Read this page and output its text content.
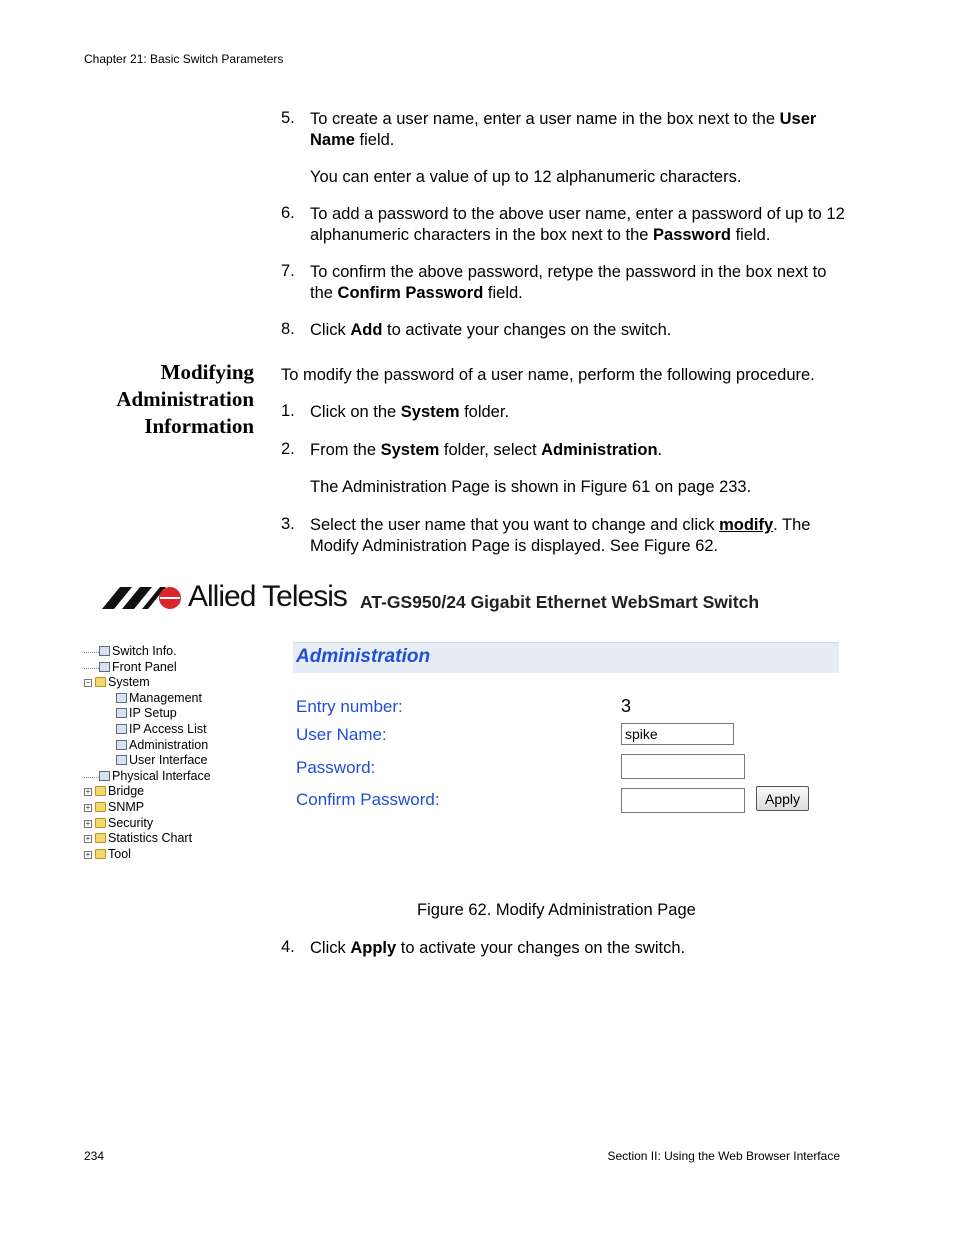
Chapter 21: Basic Switch Parameters
5. To create a user name, enter a user name in the box next to the User Name field.
You can enter a value of up to 12 alphanumeric characters.
6. To add a password to the above user name, enter a password of up to 12 alphanumeric characters in the box next to the Password field.
7. To confirm the above password, retype the password in the box next to the Confirm Password field.
8. Click Add to activate your changes on the switch.
Modifying
Administration
Information
To modify the password of a user name, perform the following procedure.
1. Click on the System folder.
2. From the System folder, select Administration.
The Administration Page is shown in Figure 61 on page 233.
3. Select the user name that you want to change and click modify. The Modify Administration Page is displayed. See Figure 62.
Allied Telesis AT-GS950/24 Gigabit Ethernet WebSmart Switch
Switch Info.
Front Panel
− System
Management
IP Setup
IP Access List
Administration
User Interface
Physical Interface
+ Bridge
+ SNMP
+ Security
+ Statistics Chart
+ Tool
Administration
Entry number:	3
User Name:
spike
Password:
Confirm Password:	Apply
Figure 62. Modify Administration Page
4. Click Apply to activate your changes on the switch.
234	Section II: Using the Web Browser Interface
